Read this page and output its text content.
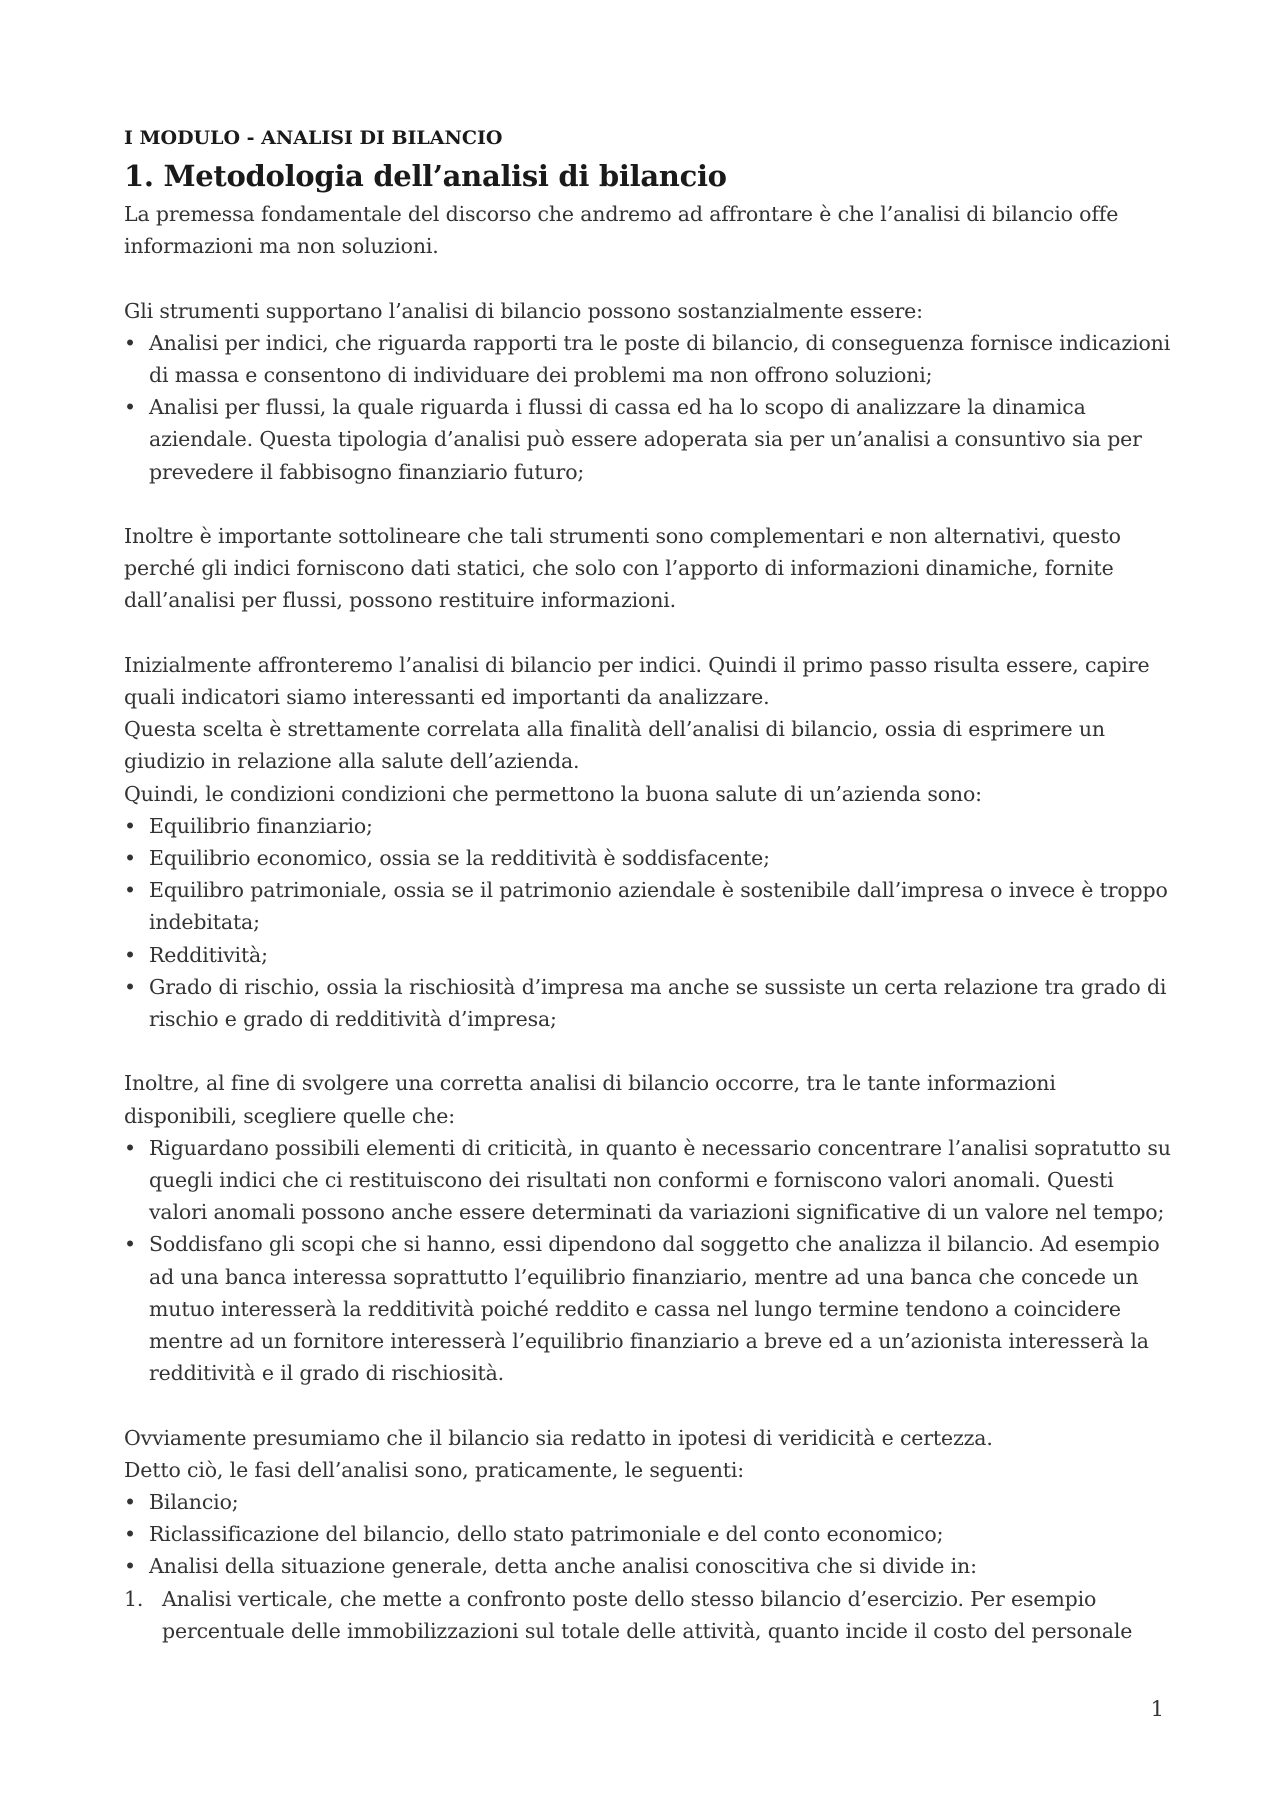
I MODULO - ANALISI DI BILANCIO

1. Metodologia dell’analisi di bilancio

La premessa fondamentale del discorso che andremo ad affrontare è che l’analisi di bilancio offe informazioni ma non soluzioni.

Gli strumenti supportano l’analisi di bilancio possono sostanzialmente essere:

• Analisi per indici, che riguarda rapporti tra le poste di bilancio, di conseguenza fornisce indicazioni di massa e consentono di individuare dei problemi ma non offrono soluzioni;
• Analisi per flussi, la quale riguarda i flussi di cassa ed ha lo scopo di analizzare la dinamica aziendale. Questa tipologia d’analisi può essere adoperata sia per un’analisi a consuntivo sia per prevedere il fabbisogno finanziario futuro;

Inoltre è importante sottolineare che tali strumenti sono complementari e non alternativi, questo perché gli indici forniscono dati statici, che solo con l’apporto di informazioni dinamiche, fornite dall’analisi per flussi, possono restituire informazioni.

Inizialmente affronteremo l’analisi di bilancio per indici. Quindi il primo passo risulta essere, capire quali indicatori siamo interessanti ed importanti da analizzare.

Questa scelta è strettamente correlata alla finalità dell’analisi di bilancio, ossia di esprimere un giudizio in relazione alla salute dell’azienda.

Quindi, le condizioni condizioni che permettono la buona salute di un’azienda sono:

• Equilibrio finanziario;
• Equilibrio economico, ossia se la redditività è soddisfacente;
• Equilibro patrimoniale, ossia se il patrimonio aziendale è sostenibile dall’impresa o invece è troppo indebitata;
• Redditività;
• Grado di rischio, ossia la rischiosità d’impresa ma anche se sussiste un certa relazione tra grado di rischio e grado di redditività d’impresa;

Inoltre, al fine di svolgere una corretta analisi di bilancio occorre, tra le tante informazioni disponibili, scegliere quelle che:

• Riguardano possibili elementi di criticità, in quanto è necessario concentrare l’analisi sopratutto su quegli indici che ci restituiscono dei risultati non conformi e forniscono valori anomali. Questi valori anomali possono anche essere determinati da variazioni significative di un valore nel tempo;
• Soddisfano gli scopi che si hanno, essi dipendono dal soggetto che analizza il bilancio. Ad esempio ad una banca interessa soprattutto l’equilibrio finanziario, mentre ad una banca che concede un mutuo interesserà la redditività poiché reddito e cassa nel lungo termine tendono a coincidere mentre ad un fornitore interesserà l’equilibrio finanziario a breve ed a un’azionista interesserà la redditività e il grado di rischiosità.

Ovviamente presumiamo che il bilancio sia redatto in ipotesi di veridicità e certezza.

Detto ciò, le fasi dell’analisi sono, praticamente, le seguenti:

• Bilancio;
• Riclassificazione del bilancio, dello stato patrimoniale e del conto economico;
• Analisi della situazione generale, detta anche analisi conoscitiva che si divide in:
1. Analisi verticale, che mette a confronto poste dello stesso bilancio d’esercizio. Per esempio percentuale delle immobilizzazioni sul totale delle attività, quanto incide il costo del personale
1
